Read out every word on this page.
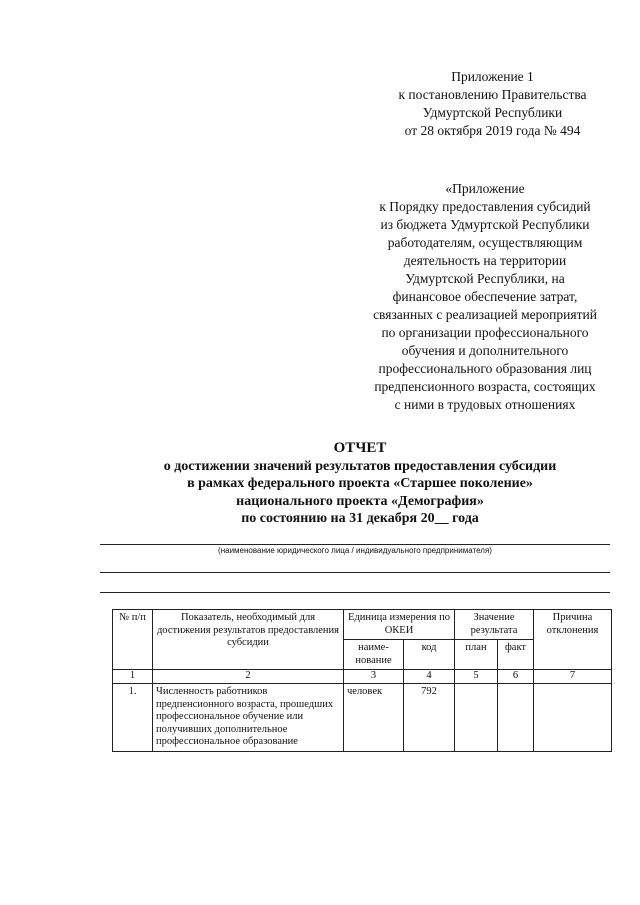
Приложение 1
к постановлению Правительства
Удмуртской Республики
от 28 октября 2019 года № 494
«Приложение
к Порядку предоставления субсидий
из бюджета Удмуртской Республики
работодателям, осуществляющим
деятельность на территории
Удмуртской Республики, на
финансовое обеспечение затрат,
связанных с реализацией мероприятий
по организации профессионального
обучения и дополнительного
профессионального образования лиц
предпенсионного возраста, состоящих
с ними в трудовых отношениях
ОТЧЕТ
о достижении значений результатов предоставления субсидии
в рамках федерального проекта «Старшее поколение»
национального проекта «Демография»
по состоянию на 31 декабря 20__ года
(наименование юридического лица / индивидуального предпринимателя)
№ п/п	Показатель, необходимый для достижения результатов предоставления субсидии	Единица измерения по ОКЕИ		Значение результата		Причина отклонения
		наиме-нование	код	план	факт	
1	2	3	4	5	6	7
1.	Численность работников предпенсионного возраста, прошедших профессиональное обучение или получивших дополнительное профессиональное образование	человек	792			
